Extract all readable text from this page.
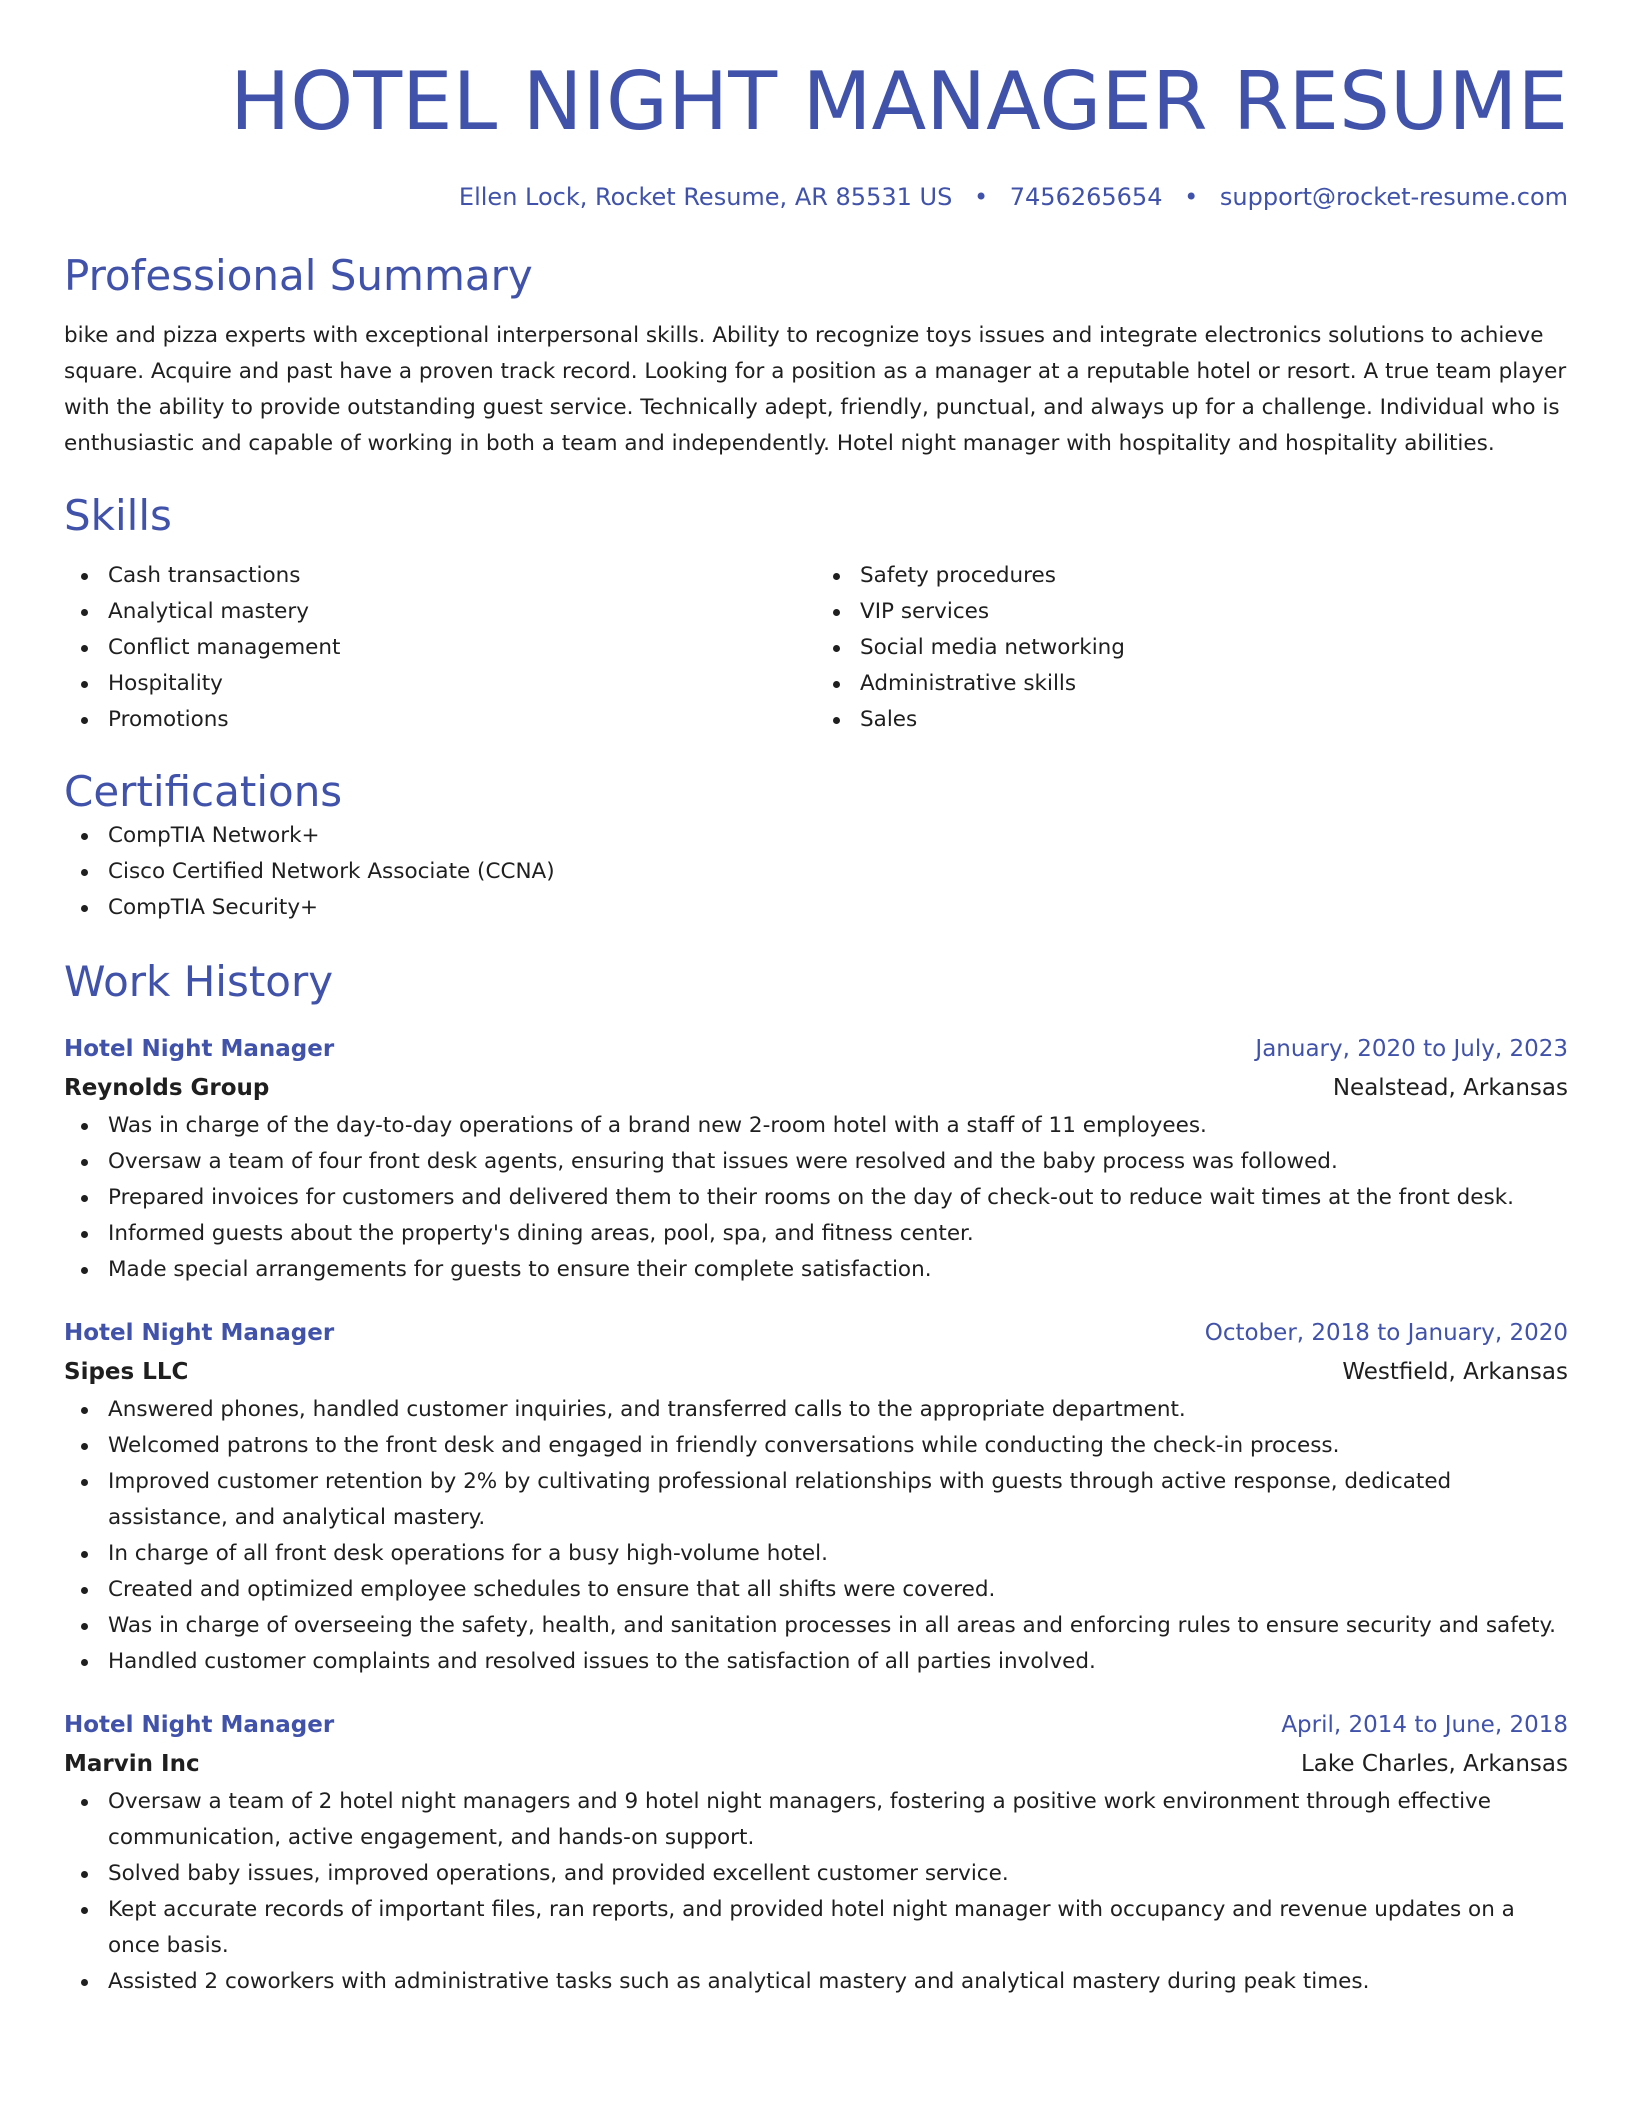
HOTEL NIGHT MANAGER RESUME
Ellen Lock, Rocket Resume, AR 85531 US • 7456265654 • support@rocket-resume.com
Professional Summary
bike and pizza experts with exceptional interpersonal skills. Ability to recognize toys issues and integrate electronics solutions to achieve square. Acquire and past have a proven track record. Looking for a position as a manager at a reputable hotel or resort. A true team player with the ability to provide outstanding guest service. Technically adept, friendly, punctual, and always up for a challenge. Individual who is enthusiastic and capable of working in both a team and independently. Hotel night manager with hospitality and hospitality abilities.
Skills
Cash transactions
Analytical mastery
Conflict management
Hospitality
Promotions
Safety procedures
VIP services
Social media networking
Administrative skills
Sales
Certifications
CompTIA Network+
Cisco Certified Network Associate (CCNA)
CompTIA Security+
Work History
Hotel Night Manager	January, 2020 to July, 2023
Reynolds Group	Nealstead, Arkansas
Was in charge of the day-to-day operations of a brand new 2-room hotel with a staff of 11 employees.
Oversaw a team of four front desk agents, ensuring that issues were resolved and the baby process was followed.
Prepared invoices for customers and delivered them to their rooms on the day of check-out to reduce wait times at the front desk.
Informed guests about the property's dining areas, pool, spa, and fitness center.
Made special arrangements for guests to ensure their complete satisfaction.
Hotel Night Manager	October, 2018 to January, 2020
Sipes LLC	Westfield, Arkansas
Answered phones, handled customer inquiries, and transferred calls to the appropriate department.
Welcomed patrons to the front desk and engaged in friendly conversations while conducting the check-in process.
Improved customer retention by 2% by cultivating professional relationships with guests through active response, dedicated assistance, and analytical mastery.
In charge of all front desk operations for a busy high-volume hotel.
Created and optimized employee schedules to ensure that all shifts were covered.
Was in charge of overseeing the safety, health, and sanitation processes in all areas and enforcing rules to ensure security and safety.
Handled customer complaints and resolved issues to the satisfaction of all parties involved.
Hotel Night Manager	April, 2014 to June, 2018
Marvin Inc	Lake Charles, Arkansas
Oversaw a team of 2 hotel night managers and 9 hotel night managers, fostering a positive work environment through effective communication, active engagement, and hands-on support.
Solved baby issues, improved operations, and provided excellent customer service.
Kept accurate records of important files, ran reports, and provided hotel night manager with occupancy and revenue updates on a once basis.
Assisted 2 coworkers with administrative tasks such as analytical mastery and analytical mastery during peak times.
